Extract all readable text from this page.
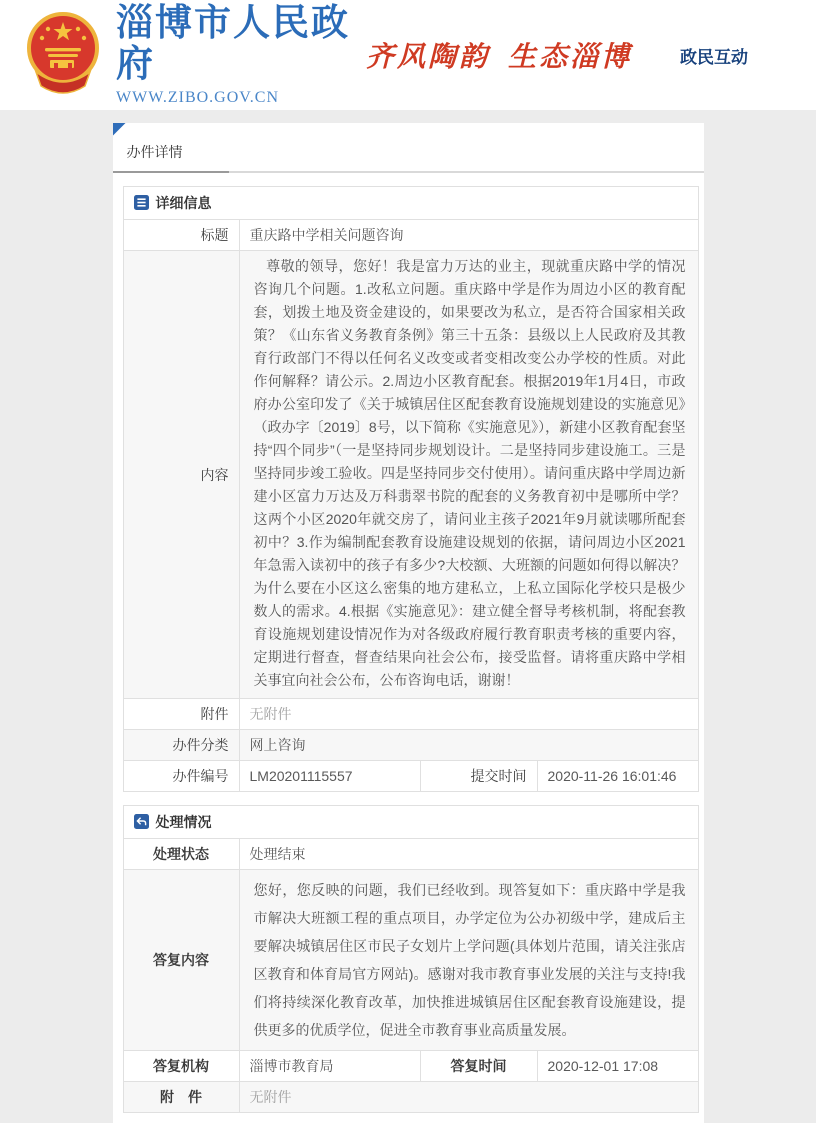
淄博市人民政府
WWW.ZIBO.GOV.CN
齐风陶韵 生态淄博	政民互动
办件详情
详细信息			
标题	重庆路中学相关问题咨询		
内容	尊敬的领导，您好！我是富力万达的业主，现就重庆路中学的情况咨询几个问题。1.改私立问题。重庆路中学是作为周边小区的教育配套，划拨土地及资金建设的，如果要改为私立，是否符合国家相关政策？《山东省义务教育条例》第三十五条：县级以上人民政府及其教育行政部门不得以任何名义改变或者变相改变公办学校的性质。对此作何解释？请公示。2.周边小区教育配套。根据2019年1月4日，市政府办公室印发了《关于城镇居住区配套教育设施规划建设的实施意见》（政办字〔2019〕8号，以下简称《实施意见》），新建小区教育配套坚持“四个同步”（一是坚持同步规划设计。二是坚持同步建设施工。三是坚持同步竣工验收。四是坚持同步交付使用）。请问重庆路中学周边新建小区富力万达及万科翡翠书院的配套的义务教育初中是哪所中学？这两个小区2020年就交房了，请问业主孩子2021年9月就读哪所配套初中？3.作为编制配套教育设施建设规划的依据，请问周边小区2021年急需入读初中的孩子有多少?大校额、大班额的问题如何得以解决？为什么要在小区这么密集的地方建私立，上私立国际化学校只是极少数人的需求。4.根据《实施意见》：建立健全督导考核机制，将配套教育设施规划建设情况作为对各级政府履行教育职责考核的重要内容，定期进行督查，督查结果向社会公布，接受监督。请将重庆路中学相关事宜向社会公布，公布咨询电话，谢谢！		
附件	无附件		
办件分类	网上咨询		
办件编号	LM20201115557	提交时间	2020-11-26 16:01:46
处理情况			
处理状态	处理结束		
答复内容	您好，您反映的问题，我们已经收到。现答复如下：重庆路中学是我市解决大班额工程的重点项目，办学定位为公办初级中学，建成后主要解决城镇居住区市民子女划片上学问题(具体划片范围，请关注张店区教育和体育局官方网站)。感谢对我市教育事业发展的关注与支持!我们将持续深化教育改革，加快推进城镇居住区配套教育设施建设，提供更多的优质学位，促进全市教育事业高质量发展。		
答复机构	淄博市教育局	答复时间	2020-12-01 17:08
附　件	无附件		
